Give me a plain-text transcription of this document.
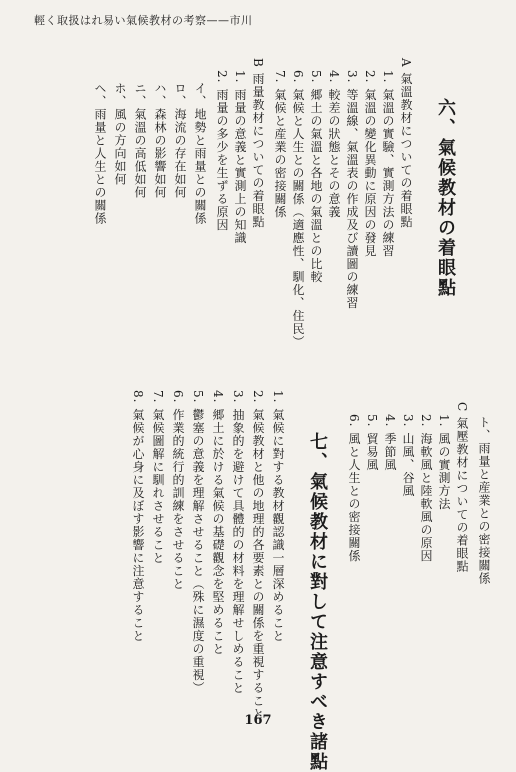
輕く取扱はれ易い氣候教材の考察——市川
六、氣候教材の着眼點
A 氣溫教材についての着眼點
1. 氣溫の實驗、實測方法の練習
2. 氣溫の變化異動に原因の發見
3. 等溫線、氣溫表の作成及び讀圖の練習
4. 較差の狀態とその意義
5. 郷土の氣溫と各地の氣溫との比較
6. 氣候と人生との關係（適應性、馴化、住民）
7. 氣候と産業の密接關係
B 雨量教材についての着眼點
1. 雨量の意義と實測上の知識
2. 雨量の多少を生ずる原因
イ、地勢と雨量との關係
ロ、海流の存在如何
ハ、森林の影響如何
ニ、氣溫の高低如何
ホ、風の方向如何
ヘ、雨量と人生との關係
ト、雨量と産業との密接關係
C 氣壓教材についての着眼點
1. 風の實測方法
2. 海軟風と陸軟風の原因
3. 山風、谷風
4. 季節風
5. 貿易風
6. 風と人生との密接關係
七、氣候教材に對して注意すべき諸點
1. 氣候に對する教材觀認識一層深めること
2. 氣候教材と他の地理的各要素との關係を重視すること
3. 抽象的を避けて具體的の材料を理解せしめること
4. 郷土に於ける氣候の基礎觀念を堅めること
5. 鬱塞の意義を理解させること（殊に濕度の重視）
6. 作業的統行的訓練をさせること
7. 氣候圖解に馴れさせること
8. 氣候が心身に及ぼす影響に注意すること
167
